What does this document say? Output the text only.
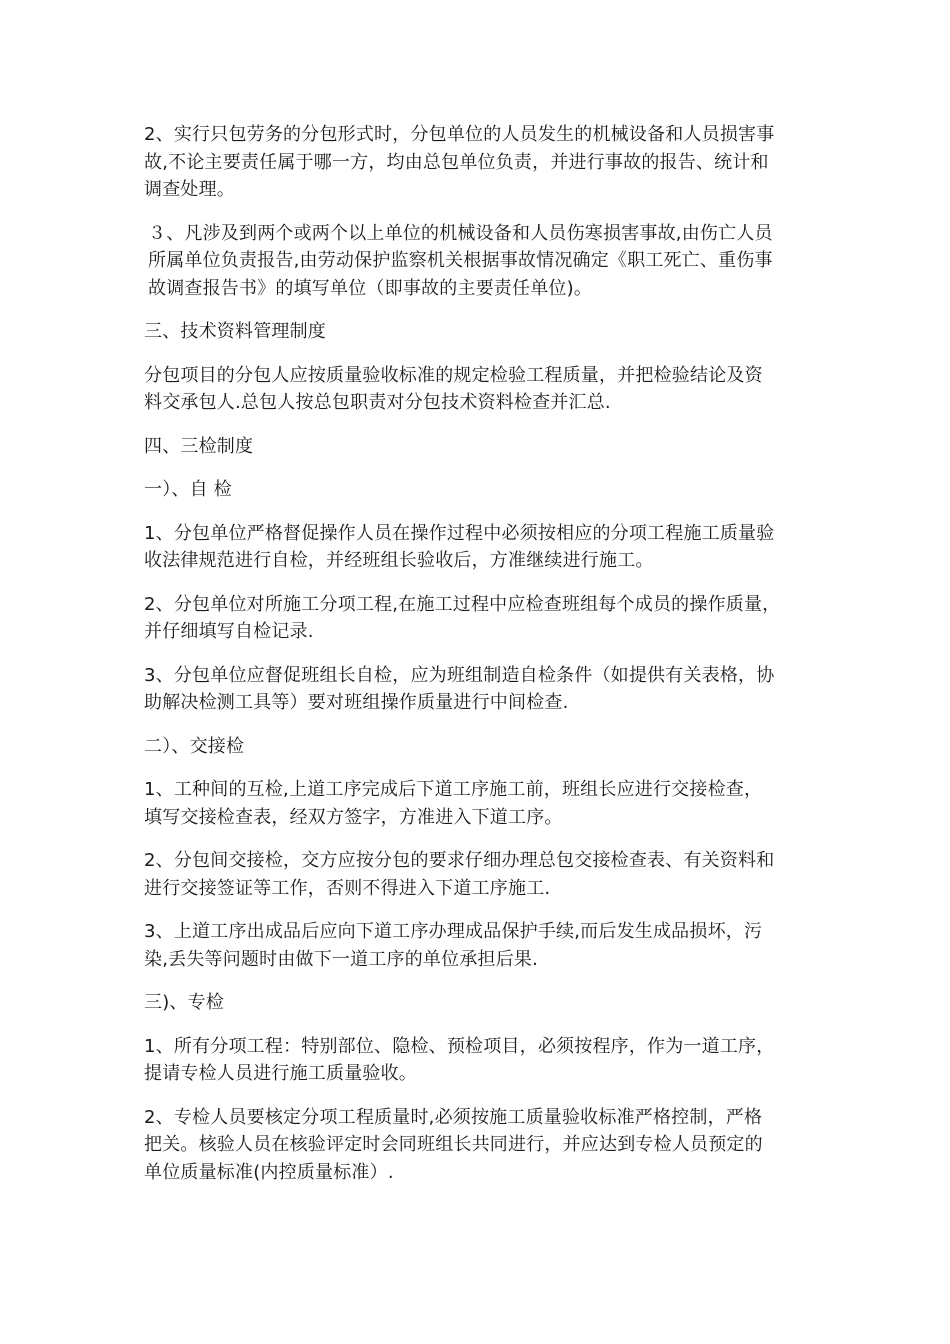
2、实行只包劳务的分包形式时，分包单位的人员发生的机械设备和人员损害事
故,不论主要责任属于哪一方，均由总包单位负责，并进行事故的报告、统计和
调查处理。
３、凡涉及到两个或两个以上单位的机械设备和人员伤寒损害事故,由伤亡人员
所属单位负责报告,由劳动保护监察机关根据事故情况确定《职工死亡、重伤事
故调查报告书》的填写单位（即事故的主要责任单位)。
三、技术资料管理制度
分包项目的分包人应按质量验收标准的规定检验工程质量，并把检验结论及资
料交承包人.总包人按总包职责对分包技术资料检查并汇总.
四、三检制度
一）、自 检
1、分包单位严格督促操作人员在操作过程中必须按相应的分项工程施工质量验
收法律规范进行自检，并经班组长验收后，方准继续进行施工。
2、分包单位对所施工分项工程,在施工过程中应检查班组每个成员的操作质量，
并仔细填写自检记录.
3、分包单位应督促班组长自检，应为班组制造自检条件（如提供有关表格，协
助解决检测工具等）要对班组操作质量进行中间检查.
二）、交接检
1、工种间的互检,上道工序完成后下道工序施工前，班组长应进行交接检查，
填写交接检查表，经双方签字，方准进入下道工序。
2、分包间交接检，交方应按分包的要求仔细办理总包交接检查表、有关资料和
进行交接签证等工作，否则不得进入下道工序施工.
3、上道工序出成品后应向下道工序办理成品保护手续,而后发生成品损坏，污
染,丢失等问题时由做下一道工序的单位承担后果.
三)、专检
1、所有分项工程：特别部位、隐检、预检项目，必须按程序，作为一道工序，
提请专检人员进行施工质量验收。
2、专检人员要核定分项工程质量时,必须按施工质量验收标准严格控制，严格
把关。核验人员在核验评定时会同班组长共同进行，并应达到专检人员预定的
单位质量标准(内控质量标准）.
